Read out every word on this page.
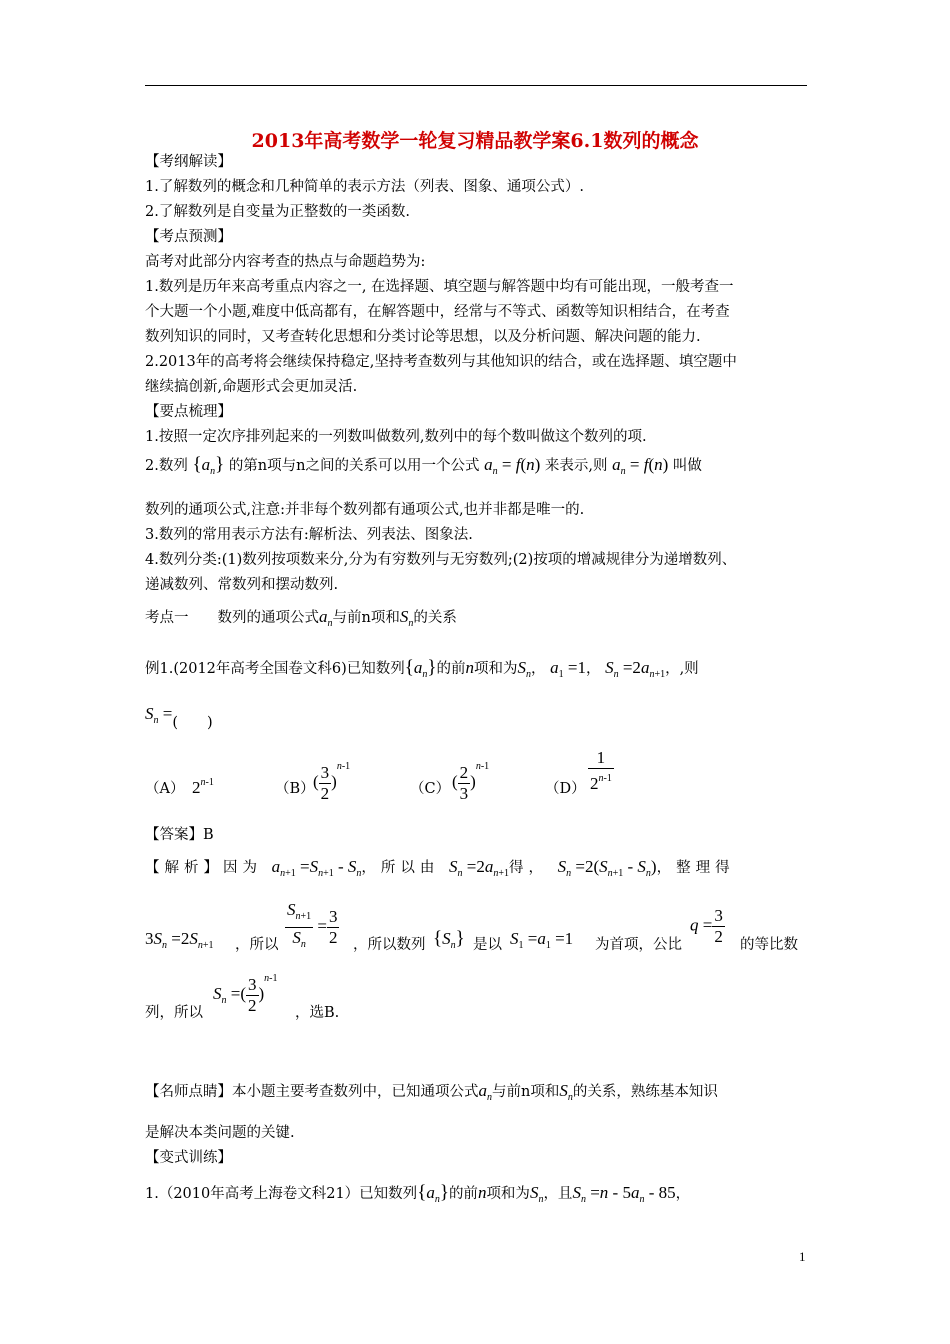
2013年高考数学一轮复习精品教学案6.1数列的概念
【考纲解读】
1.了解数列的概念和几种简单的表示方法（列表、图象、通项公式）.
2.了解数列是自变量为正整数的一类函数.
【考点预测】
高考对此部分内容考查的热点与命题趋势为:
1.数列是历年来高考重点内容之一, 在选择题、填空题与解答题中均有可能出现，一般考查一
个大题一个小题,难度中低高都有，在解答题中，经常与不等式、函数等知识相结合，在考查
数列知识的同时，又考查转化思想和分类讨论等思想，以及分析问题、解决问题的能力.
2.2013年的高考将会继续保持稳定,坚持考查数列与其他知识的结合，或在选择题、填空题中
继续搞创新,命题形式会更加灵活.
【要点梳理】
1.按照一定次序排列起来的一列数叫做数列,数列中的每个数叫做这个数列的项.
2.数列 $\{a_n\}$ 的第n项与n之间的关系可以用一个公式 $a_n = f(n)$ 来表示,则 $a_n = f(n)$ 叫做
数列的通项公式,注意:并非每个数列都有通项公式,也并非都是唯一的.
3.数列的常用表示方法有:解析法、列表法、图象法.
4.数列分类:(1)数列按项数来分,分为有穷数列与无穷数列;(2)按项的增减规律分为递增数列、
递减数列、常数列和摆动数列.
考点一　　数列的通项公式$a_n$与前n项和$S_n$的关系
例1.(2012年高考全国卷文科6)已知数列$\{a_n\}$的前n项和为$S_n$， $a_1 =1$， $S_n =2a_{n+1}$，,则
$S_n$ =(　　)
（A） 2$^{n-1}$	（B）
( $\frac{3}{2} )^{n-1}$
（C） ( $\frac{2}{3} )^{n-1}$
$(D) \frac{1}{2^{n-1}}$
【答案】B
【解析】因为 $a_{n+1} =S_{n+1} - S_n$，所以由 $S_n =2a_{n+1}$得， $S_n =2(S_{n+1} - S_n)$，整理得
$3S_n =2S_{n+1}$ ，所以 $\frac{S_{n+1}}{S_n} = \frac{3}{2}$ ，所以数列 $\{S_n\}$ 是以 $S_1 =a_1 =1$ 为首项，公比
$q = \frac{3}{2}$ 的等比数
列，所以
$S_n$ =( $\frac{3}{2} )^{n-1}$
，选B.
【名师点睛】本小题主要考查数列中，已知通项公式$a_n$与前n项和$S_n$的关系，熟练基本知识
是解决本类问题的关键.
【变式训练】
1.（2010年高考上海卷文科21）已知数列$\{a_n\}$的前n项和为$S_n$，且$S_n =n - 5a_n - 85$，
1
